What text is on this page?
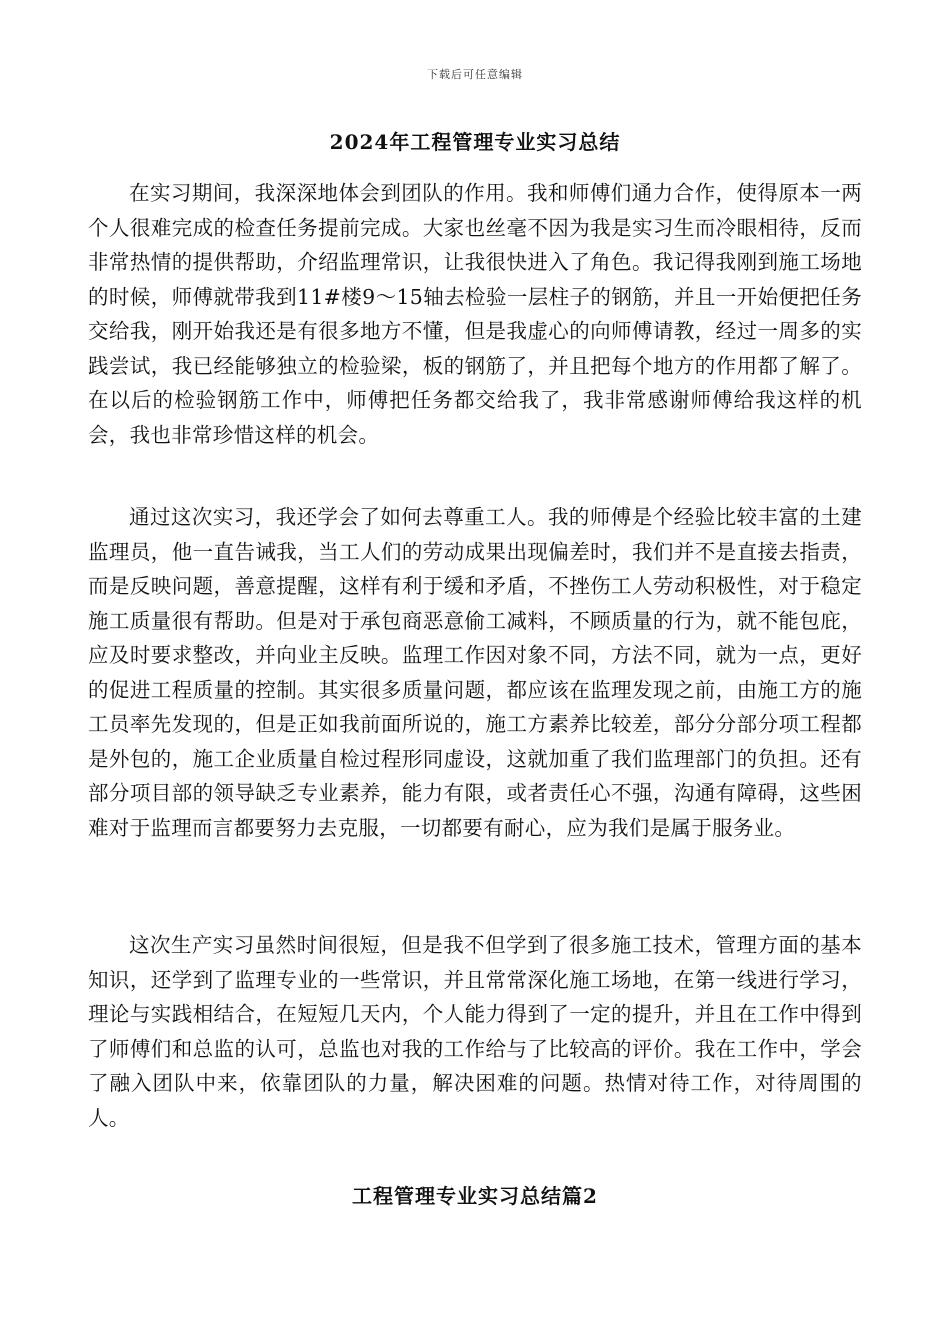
下载后可任意编辑
2024年工程管理专业实习总结

在实习期间，我深深地体会到团队的作用。我和师傅们通力合作，使得原本一两个人很难完成的检查任务提前完成。大家也丝毫不因为我是实习生而冷眼相待，反而非常热情的提供帮助，介绍监理常识，让我很快进入了角色。我记得我刚到施工场地的时候，师傅就带我到11#楼9～15轴去检验一层柱子的钢筋，并且一开始便把任务交给我，刚开始我还是有很多地方不懂，但是我虚心的向师傅请教，经过一周多的实践尝试，我已经能够独立的检验梁，板的钢筋了，并且把每个地方的作用都了解了。在以后的检验钢筋工作中，师傅把任务都交给我了，我非常感谢师傅给我这样的机会，我也非常珍惜这样的机会。

通过这次实习，我还学会了如何去尊重工人。我的师傅是个经验比较丰富的土建监理员，他一直告诫我，当工人们的劳动成果出现偏差时，我们并不是直接去指责，而是反映问题，善意提醒，这样有利于缓和矛盾，不挫伤工人劳动积极性，对于稳定施工质量很有帮助。但是对于承包商恶意偷工减料，不顾质量的行为，就不能包庇，应及时要求整改，并向业主反映。监理工作因对象不同，方法不同，就为一点，更好的促进工程质量的控制。其实很多质量问题，都应该在监理发现之前，由施工方的施工员率先发现的，但是正如我前面所说的，施工方素养比较差，部分分部分项工程都是外包的，施工企业质量自检过程形同虚设，这就加重了我们监理部门的负担。还有部分项目部的领导缺乏专业素养，能力有限，或者责任心不强，沟通有障碍，这些困难对于监理而言都要努力去克服，一切都要有耐心，应为我们是属于服务业。

这次生产实习虽然时间很短，但是我不但学到了很多施工技术，管理方面的基本知识，还学到了监理专业的一些常识，并且常常深化施工场地，在第一线进行学习，理论与实践相结合，在短短几天内，个人能力得到了一定的提升，并且在工作中得到了师傅们和总监的认可，总监也对我的工作给与了比较高的评价。我在工作中，学会了融入团队中来，依靠团队的力量，解决困难的问题。热情对待工作，对待周围的人。

工程管理专业实习总结篇2
